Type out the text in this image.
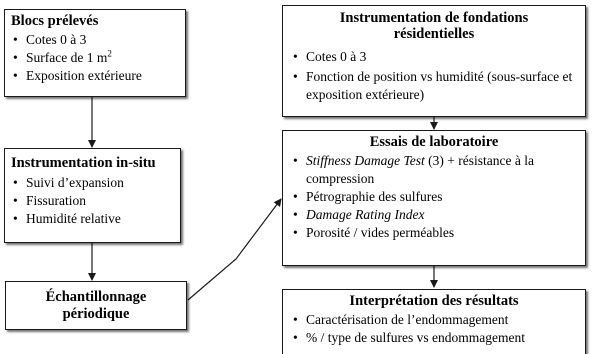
Blocs prélevés
• Cotes 0 à 3
• Surface de 1 $m^2$
• Exposition extérieure
Instrumentation in-situ
• Suivi d’expansion
• Fissuration
• Humidité relative
Échantillonnage périodique
Instrumentation de fondations résidentielles
• Cotes 0 à 3
• Fonction de position vs humidité (sous-surface et exposition extérieure)
Essais de laboratoire
• Stiffness Damage Test (3) + résistance à la compression
• Pétrographie des sulfures
• Damage Rating Index
• Porosité / vides perméables
Interprétation des résultats
• Caractérisation de l’endommagement
• % / type de sulfures vs endommagement
